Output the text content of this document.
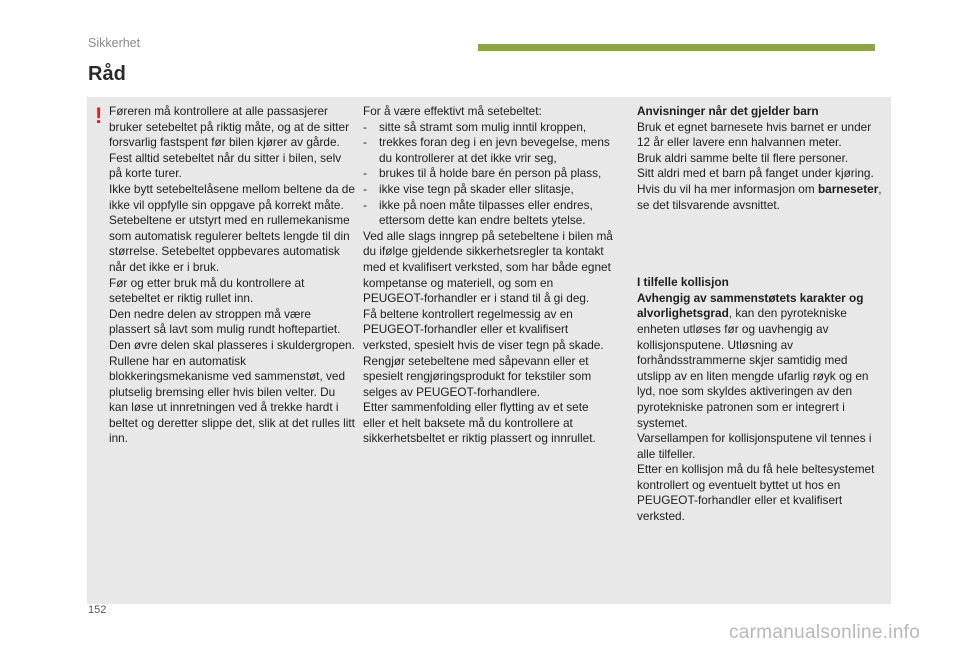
Sikkerhet
Råd
! Føreren må kontrollere at alle passasjerer bruker setebeltet på riktig måte, og at de sitter forsvarlig fastspent før bilen kjører av gårde.

Fest alltid setebeltet når du sitter i bilen, selv på korte turer.

Ikke bytt setebeltelåsene mellom beltene da de ikke vil oppfylle sin oppgave på korrekt måte.

Setebeltene er utstyrt med en rullemekanisme som automatisk regulerer beltets lengde til din størrelse. Setebeltet oppbevares automatisk når det ikke er i bruk.

Før og etter bruk må du kontrollere at setebeltet er riktig rullet inn.

Den nedre delen av stroppen må være plassert så lavt som mulig rundt hoftepartiet.

Den øvre delen skal plasseres i skuldergropen.

Rullene har en automatisk blokkeringsmekanisme ved sammenstøt, ved plutselig bremsing eller hvis bilen velter. Du kan løse ut innretningen ved å trekke hardt i beltet og deretter slippe det, slik at det rulles litt inn.

For å være effektivt må setebeltet:

-	sitte så stramt som mulig inntil kroppen,
-	trekkes foran deg i en jevn bevegelse, mens du kontrollerer at det ikke vrir seg,
-	brukes til å holde bare én person på plass,
-	ikke vise tegn på skader eller slitasje,
-	ikke på noen måte tilpasses eller endres, ettersom dette kan endre beltets ytelse.

Ved alle slags inngrep på setebeltene i bilen må du ifølge gjeldende sikkerhetsregler ta kontakt med et kvalifisert verksted, som har både egnet kompetanse og materiell, og som en PEUGEOT-forhandler er i stand til å gi deg.

Få beltene kontrollert regelmessig av en PEUGEOT-forhandler eller et kvalifisert verksted, spesielt hvis de viser tegn på skade.

Rengjør setebeltene med såpevann eller et spesielt rengjøringsprodukt for tekstiler som selges av PEUGEOT-forhandlere.

Etter sammenfolding eller flytting av et sete eller et helt baksete må du kontrollere at sikkerhetsbeltet er riktig plassert og innrullet.

Anvisninger når det gjelder barn

Bruk et egnet barnesete hvis barnet er under 12 år eller lavere enn halvannen meter.

Bruk aldri samme belte til flere personer.

Sitt aldri med et barn på fanget under kjøring.

Hvis du vil ha mer informasjon om barneseter, se det tilsvarende avsnittet.

I tilfelle kollisjon

Avhengig av sammenstøtets karakter og alvorlighetsgrad, kan den pyrotekniske enheten utløses før og uavhengig av kollisjonsputene. Utløsning av forhåndsstrammerne skjer samtidig med utslipp av en liten mengde ufarlig røyk og en lyd, noe som skyldes aktiveringen av den pyrotekniske patronen som er integrert i systemet.

Varsellampen for kollisjonsputene vil tennes i alle tilfeller.

Etter en kollisjon må du få hele beltesystemet kontrollert og eventuelt byttet ut hos en PEUGEOT-forhandler eller et kvalifisert verksted.

152
carmanualsonline.info
